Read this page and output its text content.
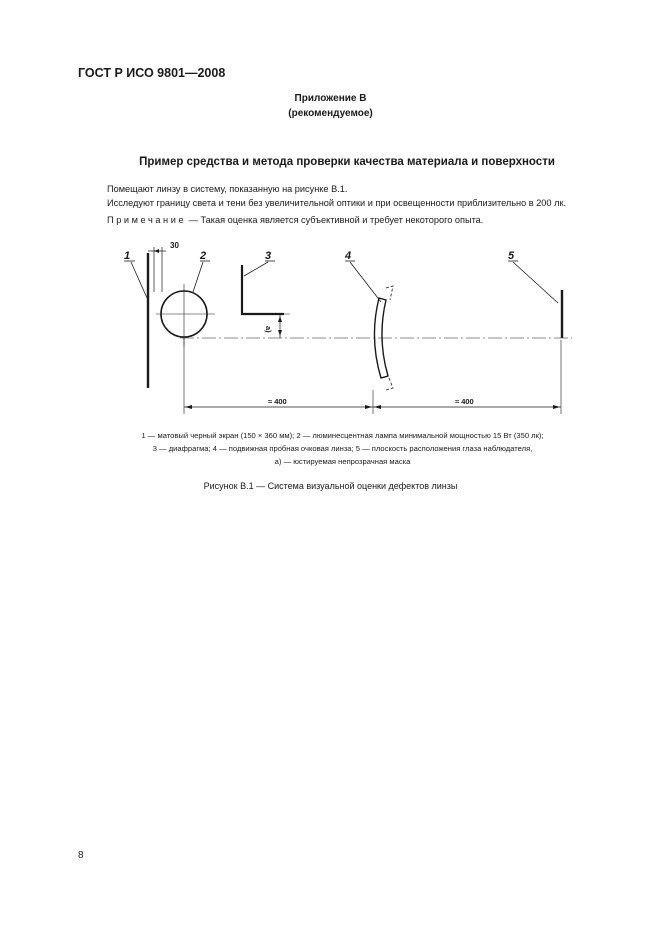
ГОСТ Р ИСО 9801—2008
Приложение В
(рекомендуемое)
Пример средства и метода проверки качества материала и поверхности
Помещают линзу в систему, показанную на рисунке В.1.
Исследуют границу света и тени без увеличительной оптики и при освещенности приблизительно в 200 лк.
Примечание — Такая оценка является субъективной и требует некоторого опыта.
1	2	3	4	5
30
a)
≈ 400	≈ 400
1 — матовый черный экран (150 × 360 мм); 2 — люминесцентная лампа минимальной мощностью 15 Вт (350 лк);
3 — диафрагма; 4 — подвижная пробная очковая линза; 5 — плоскость расположения глаза наблюдателя,
a) — юстируемая непрозрачная маска
Рисунок В.1 — Система визуальной оценки дефектов линзы
8
